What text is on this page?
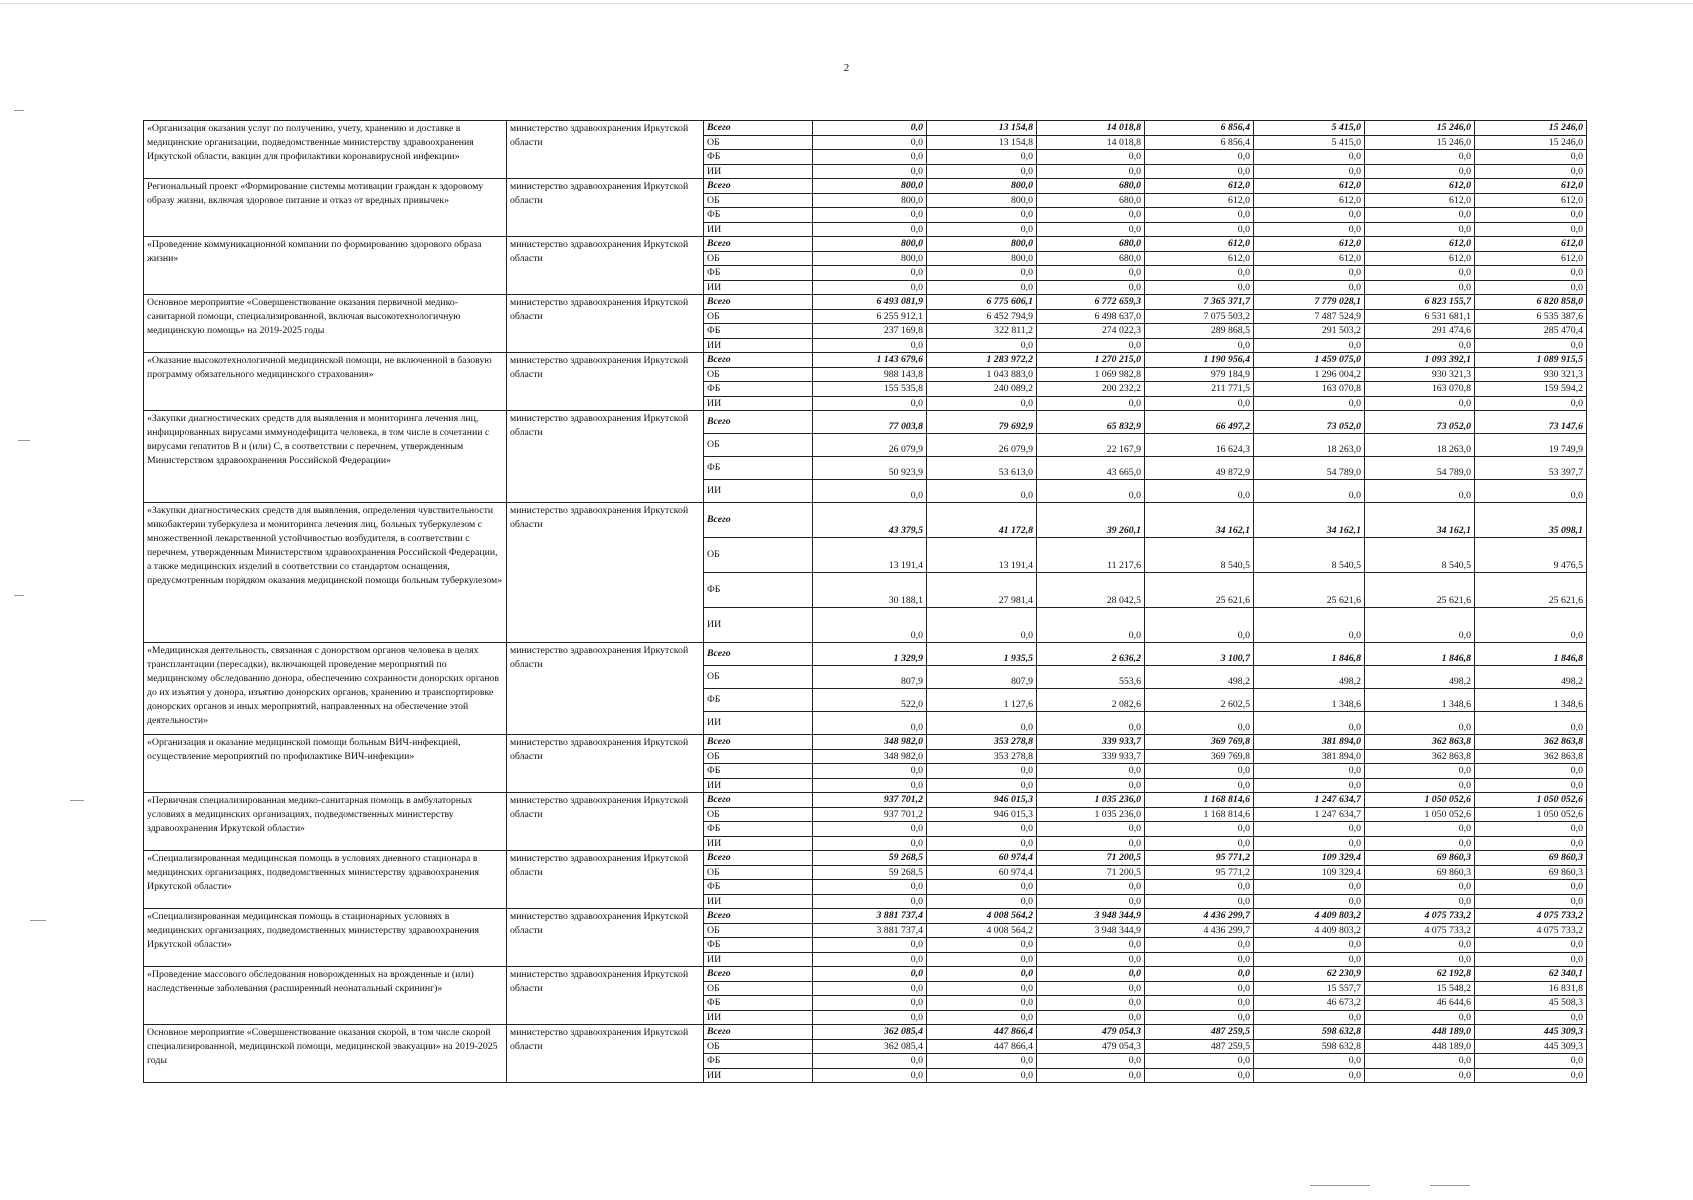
2
«Организация оказания услуг по получению, учету, хранению и доставке в медицинские организации, подведомственные министерству здравоохранения Иркутской области, вакцин для профилактики коронавирусной инфекции»	министерство здравоохранения Иркутской области	Всего	0,0	13 154,8	14 018,8	6 856,4	5 415,0	15 246,0	15 246,0
		ОБ	0,0	13 154,8	14 018,8	6 856,4	5 415,0	15 246,0	15 246,0
		ФБ	0,0	0,0	0,0	0,0	0,0	0,0	0,0
		ИИ	0,0	0,0	0,0	0,0	0,0	0,0	0,0
Региональный проект «Формирование системы мотивации граждан к здоровому образу жизни, включая здоровое питание и отказ от вредных привычек»	министерство здравоохранения Иркутской области	Всего	800,0	800,0	680,0	612,0	612,0	612,0	612,0
		ОБ	800,0	800,0	680,0	612,0	612,0	612,0	612,0
		ФБ	0,0	0,0	0,0	0,0	0,0	0,0	0,0
		ИИ	0,0	0,0	0,0	0,0	0,0	0,0	0,0
«Проведение коммуникационной компании по формированию здорового образа жизни»	министерство здравоохранения Иркутской области	Всего	800,0	800,0	680,0	612,0	612,0	612,0	612,0
		ОБ	800,0	800,0	680,0	612,0	612,0	612,0	612,0
		ФБ	0,0	0,0	0,0	0,0	0,0	0,0	0,0
		ИИ	0,0	0,0	0,0	0,0	0,0	0,0	0,0
Основное мероприятие «Совершенствование оказания первичной медико-санитарной помощи, специализированной, включая высокотехнологичную медицинскую помощь» на 2019-2025 годы	министерство здравоохранения Иркутской области	Всего	6 493 081,9	6 775 606,1	6 772 659,3	7 365 371,7	7 779 028,1	6 823 155,7	6 820 858,0
		ОБ	6 255 912,1	6 452 794,9	6 498 637,0	7 075 503,2	7 487 524,9	6 531 681,1	6 535 387,6
		ФБ	237 169,8	322 811,2	274 022,3	289 868,5	291 503,2	291 474,6	285 470,4
		ИИ	0,0	0,0	0,0	0,0	0,0	0,0	0,0
«Оказание высокотехнологичной медицинской помощи, не включенной в базовую программу обязательного медицинского страхования»	министерство здравоохранения Иркутской области	Всего	1 143 679,6	1 283 972,2	1 270 215,0	1 190 956,4	1 459 075,0	1 093 392,1	1 089 915,5
		ОБ	988 143,8	1 043 883,0	1 069 982,8	979 184,9	1 296 004,2	930 321,3	930 321,3
		ФБ	155 535,8	240 089,2	200 232,2	211 771,5	163 070,8	163 070,8	159 594,2
		ИИ	0,0	0,0	0,0	0,0	0,0	0,0	0,0
«Закупки диагностических средств для выявления и мониторинга лечения лиц, инфицированных вирусами иммунодефицита человека, в том числе в сочетании с вирусами гепатитов В и (или) С, в соответствии с перечнем, утвержденным Министерством здравоохранения Российской Федерации»	министерство здравоохранения Иркутской области	Всего	77 003,8	79 692,9	65 832,9	66 497,2	73 052,0	73 052,0	73 147,6
		ОБ	26 079,9	26 079,9	22 167,9	16 624,3	18 263,0	18 263,0	19 749,9
		ФБ	50 923,9	53 613,0	43 665,0	49 872,9	54 789,0	54 789,0	53 397,7
		ИИ	0,0	0,0	0,0	0,0	0,0	0,0	0,0
«Закупки диагностических средств для выявления, определения чувствительности микобактерии туберкулеза и мониторинга лечения лиц, больных туберкулезом с множественной лекарственной устойчивостью возбудителя, в соответствии с перечнем, утвержденным Министерством здравоохранения Российской Федерации, а также медицинских изделий в соответствии со стандартом оснащения, предусмотренным порядком оказания медицинской помощи больным туберкулезом»	министерство здравоохранения Иркутской области	Всего	43 379,5	41 172,8	39 260,1	34 162,1	34 162,1	34 162,1	35 098,1
		ОБ	13 191,4	13 191,4	11 217,6	8 540,5	8 540,5	8 540,5	9 476,5
		ФБ	30 188,1	27 981,4	28 042,5	25 621,6	25 621,6	25 621,6	25 621,6
		ИИ	0,0	0,0	0,0	0,0	0,0	0,0	0,0
«Медицинская деятельность, связанная с донорством органов человека в целях трансплантации (пересадки), включающей проведение мероприятий по медицинскому обследованию донора, обеспечению сохранности донорских органов до их изъятия у донора, изъятию донорских органов, хранению и транспортировке донорских органов и иных мероприятий, направленных на обеспечение этой деятельности»	министерство здравоохранения Иркутской области	Всего	1 329,9	1 935,5	2 636,2	3 100,7	1 846,8	1 846,8	1 846,8
		ОБ	807,9	807,9	553,6	498,2	498,2	498,2	498,2
		ФБ	522,0	1 127,6	2 082,6	2 602,5	1 348,6	1 348,6	1 348,6
		ИИ	0,0	0,0	0,0	0,0	0,0	0,0	0,0
«Организация и оказание медицинской помощи больным ВИЧ-инфекцией, осуществление мероприятий по профилактике ВИЧ-инфекции»	министерство здравоохранения Иркутской области	Всего	348 982,0	353 278,8	339 933,7	369 769,8	381 894,0	362 863,8	362 863,8
		ОБ	348 982,0	353 278,8	339 933,7	369 769,8	381 894,0	362 863,8	362 863,8
		ФБ	0,0	0,0	0,0	0,0	0,0	0,0	0,0
		ИИ	0,0	0,0	0,0	0,0	0,0	0,0	0,0
«Первичная специализированная медико-санитарная помощь в амбулаторных условиях в медицинских организациях, подведомственных министерству здравоохранения Иркутской области»	министерство здравоохранения Иркутской области	Всего	937 701,2	946 015,3	1 035 236,0	1 168 814,6	1 247 634,7	1 050 052,6	1 050 052,6
		ОБ	937 701,2	946 015,3	1 035 236,0	1 168 814,6	1 247 634,7	1 050 052,6	1 050 052,6
		ФБ	0,0	0,0	0,0	0,0	0,0	0,0	0,0
		ИИ	0,0	0,0	0,0	0,0	0,0	0,0	0,0
«Специализированная медицинская помощь в условиях дневного стационара в медицинских организациях, подведомственных министерству здравоохранения Иркутской области»	министерство здравоохранения Иркутской области	Всего	59 268,5	60 974,4	71 200,5	95 771,2	109 329,4	69 860,3	69 860,3
		ОБ	59 268,5	60 974,4	71 200,5	95 771,2	109 329,4	69 860,3	69 860,3
		ФБ	0,0	0,0	0,0	0,0	0,0	0,0	0,0
		ИИ	0,0	0,0	0,0	0,0	0,0	0,0	0,0
«Специализированная медицинская помощь в стационарных условиях в медицинских организациях, подведомственных министерству здравоохранения Иркутской области»	министерство здравоохранения Иркутской области	Всего	3 881 737,4	4 008 564,2	3 948 344,9	4 436 299,7	4 409 803,2	4 075 733,2	4 075 733,2
		ОБ	3 881 737,4	4 008 564,2	3 948 344,9	4 436 299,7	4 409 803,2	4 075 733,2	4 075 733,2
		ФБ	0,0	0,0	0,0	0,0	0,0	0,0	0,0
		ИИ	0,0	0,0	0,0	0,0	0,0	0,0	0,0
«Проведение массового обследования новорожденных на врожденные и (или) наследственные заболевания (расширенный неонатальный скрининг)»	министерство здравоохранения Иркутской области	Всего	0,0	0,0	0,0	0,0	62 230,9	62 192,8	62 340,1
		ОБ	0,0	0,0	0,0	0,0	15 557,7	15 548,2	16 831,8
		ФБ	0,0	0,0	0,0	0,0	46 673,2	46 644,6	45 508,3
		ИИ	0,0	0,0	0,0	0,0	0,0	0,0	0,0
Основное мероприятие «Совершенствование оказания скорой, в том числе скорой специализированной, медицинской помощи, медицинской эвакуации» на 2019-2025 годы	министерство здравоохранения Иркутской области	Всего	362 085,4	447 866,4	479 054,3	487 259,5	598 632,8	448 189,0	445 309,3
		ОБ	362 085,4	447 866,4	479 054,3	487 259,5	598 632,8	448 189,0	445 309,3
		ФБ	0,0	0,0	0,0	0,0	0,0	0,0	0,0
		ИИ	0,0	0,0	0,0	0,0	0,0	0,0	0,0
